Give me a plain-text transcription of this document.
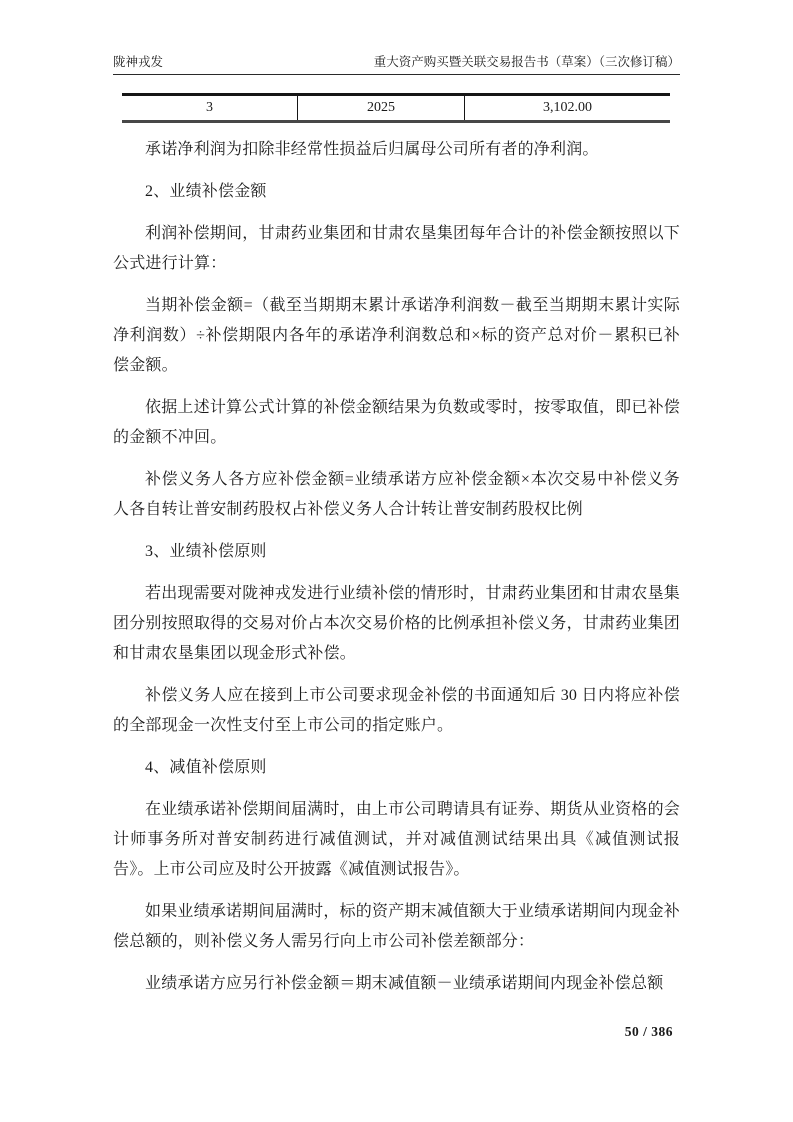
陇神戎发	重大资产购买暨关联交易报告书（草案）（三次修订稿）
3	2025	3,102.00

承诺净利润为扣除非经常性损益后归属母公司所有者的净利润。

2、业绩补偿金额

利润补偿期间，甘肃药业集团和甘肃农垦集团每年合计的补偿金额按照以下公式进行计算：

当期补偿金额=（截至当期期末累计承诺净利润数－截至当期期末累计实际净利润数）÷补偿期限内各年的承诺净利润数总和×标的资产总对价－累积已补偿金额。

依据上述计算公式计算的补偿金额结果为负数或零时，按零取值，即已补偿的金额不冲回。

补偿义务人各方应补偿金额=业绩承诺方应补偿金额×本次交易中补偿义务人各自转让普安制药股权占补偿义务人合计转让普安制药股权比例

3、业绩补偿原则

若出现需要对陇神戎发进行业绩补偿的情形时，甘肃药业集团和甘肃农垦集团分别按照取得的交易对价占本次交易价格的比例承担补偿义务，甘肃药业集团和甘肃农垦集团以现金形式补偿。

补偿义务人应在接到上市公司要求现金补偿的书面通知后 30 日内将应补偿的全部现金一次性支付至上市公司的指定账户。

4、减值补偿原则

在业绩承诺补偿期间届满时，由上市公司聘请具有证券、期货从业资格的会计师事务所对普安制药进行减值测试，并对减值测试结果出具《减值测试报告》。上市公司应及时公开披露《减值测试报告》。

如果业绩承诺期间届满时，标的资产期末减值额大于业绩承诺期间内现金补偿总额的，则补偿义务人需另行向上市公司补偿差额部分：

业绩承诺方应另行补偿金额＝期末减值额－业绩承诺期间内现金补偿总额

50 / 386
